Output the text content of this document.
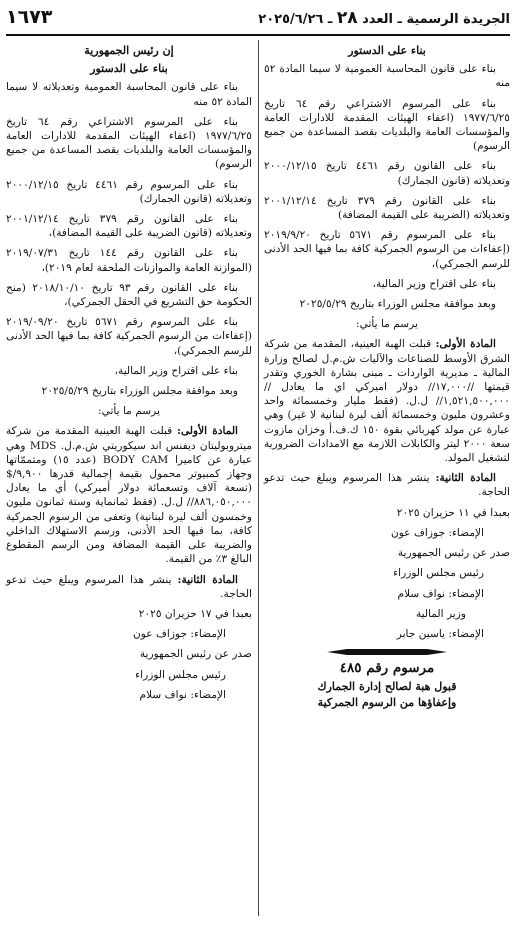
الجريدة الرسمية ـ العدد ٢٨ ـ ٢٠٢٥/٦/٢٦
١٦٧٣

بناء على الدستور

بناء على قانون المحاسبة العمومية لا سيما المادة ٥٢ منه

بناء على المرسوم الاشتراعي رقم ٦٤ تاريخ ١٩٧٧/٦/٢٥ (اعفاء الهيئات المقدمة للادارات العامة والمؤسسات العامة والبلديات بقصد المساعدة من جميع الرسوم)

بناء على القانون رقم ٤٤٦١ تاريخ ٢٠٠٠/١٢/١٥ وتعديلاته (قانون الجمارك)

بناء على القانون رقم ٣٧٩ تاريخ ٢٠٠١/١٢/١٤ وتعديلاته (الضريبة على القيمة المضافة)

بناء على المرسوم رقم ٥٦٧١ تاريخ ٢٠١٩/٩/٢٠ (إعفاءات من الرسوم الجمركية كافة بما فيها الحد الأدنى للرسم الجمركي)،

بناء على اقتراح وزير المالية،

وبعد موافقة مجلس الوزراء بتاريخ ٢٠٢٥/٥/٢٩

يرسم ما يأتي:

المادة الأولى: قبلت الهبة العينية، المقدمة من شركة الشرق الأوسط للصناعات والآليات ش.م.ل لصالح وزارة المالية ـ مديرية الواردات ـ مبنى بشارة الخوري وتقدر قيمتها //١٧,٠٠٠// دولار اميركي اي ما يعادل //١,٥٢١,٥٠٠,٠٠٠// ل.ل. (فقط مليار وخمسمائة واحد وعشرون مليون وخمسمائة ألف ليرة لبنانية لا غير) وهي عبارة عن مولد كهربائي بقوة ١٥٠ ك.ف.أ وخزان مازوت سعة ٢٠٠٠ ليتر والكابلات اللازمة مع الامدادات الضرورية لتشغيل المولد.

المادة الثانية: ينشر هذا المرسوم ويبلغ حيث تدعو الحاجة.

بعبدا في ١١ حزيران ٢٠٢٥

الإمضاء: جوزاف عون

صدر عن رئيس الجمهورية

رئيس مجلس الوزراء

الإمضاء: نواف سلام

وزير المالية

الإمضاء: ياسين جابر

مرسوم رقم ٤٨٥

قبول هبة لصالح إدارة الجمارك

وإعفاؤها من الرسوم الجمركية

إن رئيس الجمهورية

بناء على الدستور

بناء على قانون المحاسبة العمومية وتعديلاته لا سيما المادة ٥٢ منه

بناء على المرسوم الاشتراعي رقم ٦٤ تاريخ ١٩٧٧/٦/٢٥ (اعفاء الهيئات المقدمة للادارات العامة والمؤسسات العامة والبلديات بقصد المساعدة من جميع الرسوم)

بناء على المرسوم رقم ٤٤٦١ تاريخ ٢٠٠٠/١٢/١٥ وتعديلاته (قانون الجمارك)

بناء على القانون رقم ٣٧٩ تاريخ ٢٠٠١/١٢/١٤ وتعديلاته (قانون الضريبة على القيمة المضافة)،

بناء على القانون رقم ١٤٤ تاريخ ٢٠١٩/٠٧/٣١ (الموازنة العامة والموازنات الملحقة لعام ٢٠١٩)،

بناء على القانون رقم ٩٣ تاريخ ٢٠١٨/١٠/١٠ (منح الحكومة حق التشريع في الحقل الجمركي)،

بناء على المرسوم رقم ٥٦٧١ تاريخ ٢٠١٩/٠٩/٢٠ (إعفاءات من الرسوم الجمركية كافة بما فيها الحد الأدنى للرسم الجمركي)،

بناء على اقتراح وزير المالية،

وبعد موافقة مجلس الوزراء بتاريخ ٢٠٢٥/٥/٢٩

يرسم ما يأتي:

المادة الأولى: قبلت الهبة العينية المقدمة من شركة ميتروبوليتان ديفنس اند سيكوريتي ش.م.ل. MDS وهي عبارة عن كاميرا BODY CAM (عدد ١٥) ومتممّاتها وجهاز كمبيوتر محمول بقيمة إجمالية قدرها ٩,٩٠٠/$ (تسعة آلاف وتسعمائة دولار أميركي) أي ما يعادل ٨٨٦,٠٥٠,٠٠٠// ل.ل. (فقط ثمانماية وستة ثمانون مليون وخمسون ألف ليرة لبنانية) وتعفى من الرسوم الجمركية كافة، بما فيها الحد الأدنى، ورسم الاستهلاك الداخلي والضريبة على القيمة المضافة ومن الرسم المقطوع البالغ ٣٪ من القيمة.

المادة الثانية: ينشر هذا المرسوم ويبلغ حيث تدعو الحاجة.

بعبدا في ١٧ حزيران ٢٠٢٥

الإمضاء: جوزاف عون

صدر عن رئيس الجمهورية

رئيس مجلس الوزراء

الإمضاء: نواف سلام
